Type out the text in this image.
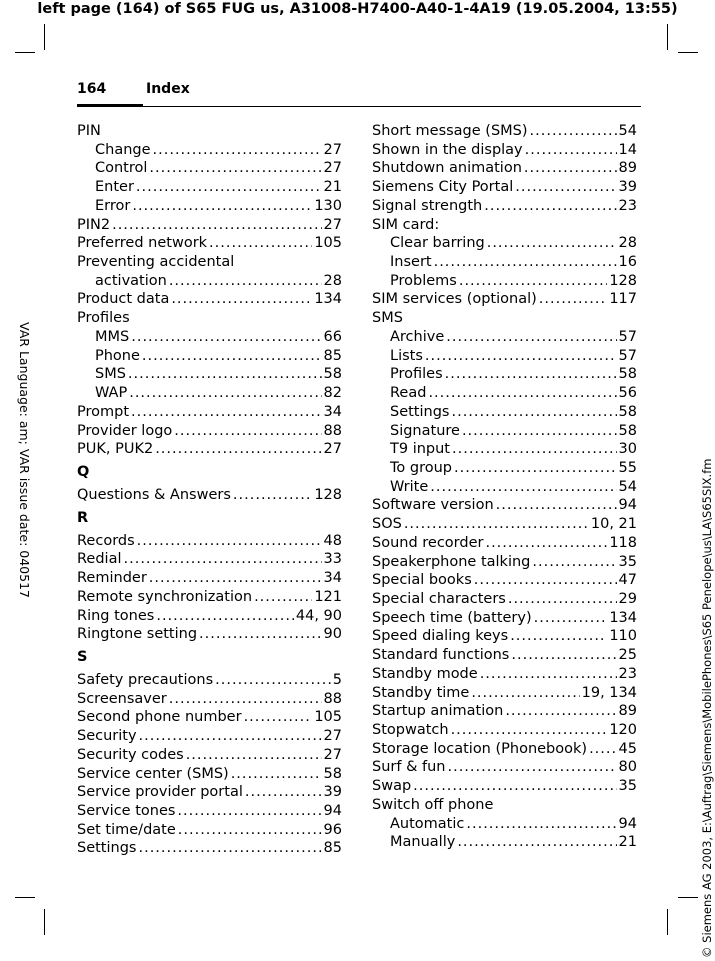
left page (164) of S65 FUG us, A31008-H7400-A40-1-4A19 (19.05.2004, 13:55)
VAR Language: am; VAR issue date: 040517	© Siemens AG 2003, E:\Auftrag\Siemens\MobilePhones\S65 Penelope\us\LA\S65SIX.fm
164	Index
PIN
Change .....	27
Control .....	27
Enter .....	21
Error .....	130
PIN2 .....	27
Preferred network .....	105
Preventing accidental
activation .....	28
Product data .....	134
Profiles
MMS .....	66
Phone .....	85
SMS .....	58
WAP .....	82
Prompt .....	34
Provider logo .....	88
PUK, PUK2 .....	27
Q
Questions & Answers .....	128
R
Records .....	48
Redial .....	33
Reminder .....	34
Remote synchronization .....	121
Ring tones .....	44, 90
Ringtone setting .....	90
S
Safety precautions .....	5
Screensaver .....	88
Second phone number .....	105
Security .....	27
Security codes .....	27
Service center (SMS) .....	58
Service provider portal .....	39
Service tones .....	94
Set time/date .....	96
Settings .....	85
Short message (SMS) .....	54
Shown in the display .....	14
Shutdown animation .....	89
Siemens City Portal .....	39
Signal strength .....	23
SIM card:
Clear barring .....	28
Insert .....	16
Problems .....	128
SIM services (optional) .....	117
SMS
Archive .....	57
Lists .....	57
Profiles .....	58
Read .....	56
Settings .....	58
Signature .....	58
T9 input .....	30
To group .....	55
Write .....	54
Software version .....	94
SOS .....	10, 21
Sound recorder .....	118
Speakerphone talking .....	35
Special books .....	47
Special characters .....	29
Speech time (battery) .....	134
Speed dialing keys .....	110
Standard functions .....	25
Standby mode .....	23
Standby time .....	19, 134
Startup animation .....	89
Stopwatch .....	120
Storage location (Phonebook) ..... 45
Surf & fun .....	80
Swap .....	35
Switch off phone
Automatic .....	94
Manually .....	21
